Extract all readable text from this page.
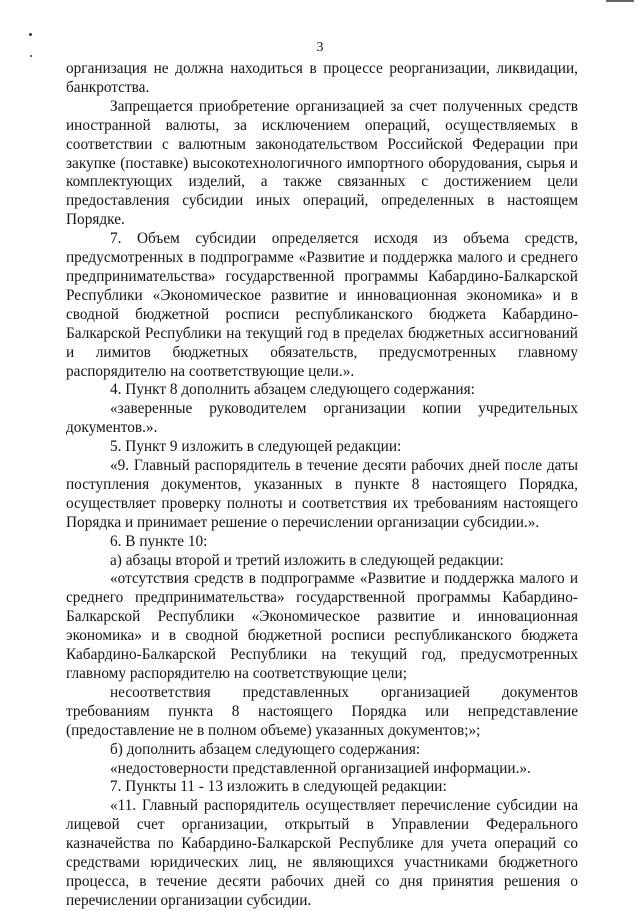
3

организация не должна находиться в процессе реорганизации, ликвидации, банкротства.

Запрещается приобретение организацией за счет полученных средств иностранной валюты, за исключением операций, осуществляемых в соответствии с валютным законодательством Российской Федерации при закупке (поставке) высокотехнологичного импортного оборудования, сырья и комплектующих изделий, а также связанных с достижением цели предоставления субсидии иных операций, определенных в настоящем Порядке.

7. Объем субсидии определяется исходя из объема средств, предусмотренных в подпрограмме «Развитие и поддержка малого и среднего предпринимательства» государственной программы Кабардино-Балкарской Республики «Экономическое развитие и инновационная экономика» и в сводной бюджетной росписи республиканского бюджета Кабардино-Балкарской Республики на текущий год в пределах бюджетных ассигнований и лимитов бюджетных обязательств, предусмотренных главному распорядителю на соответствующие цели.».

4. Пункт 8 дополнить абзацем следующего содержания:

«заверенные руководителем организации копии учредительных документов.».

5. Пункт 9 изложить в следующей редакции:

«9. Главный распорядитель в течение десяти рабочих дней после даты поступления документов, указанных в пункте 8 настоящего Порядка, осуществляет проверку полноты и соответствия их требованиям настоящего Порядка и принимает решение о перечислении организации субсидии.».

6. В пункте 10:

а) абзацы второй и третий изложить в следующей редакции:

«отсутствия средств в подпрограмме «Развитие и поддержка малого и среднего предпринимательства» государственной программы Кабардино-Балкарской Республики «Экономическое развитие и инновационная экономика» и в сводной бюджетной росписи республиканского бюджета Кабардино-Балкарской Республики на текущий год, предусмотренных главному распорядителю на соответствующие цели;

несоответствия представленных организацией документов требованиям пункта 8 настоящего Порядка или непредставление (предоставление не в полном объеме) указанных документов;»;

б) дополнить абзацем следующего содержания:

«недостоверности представленной организацией информации.».

7. Пункты 11 - 13 изложить в следующей редакции:

«11. Главный распорядитель осуществляет перечисление субсидии на лицевой счет организации, открытый в Управлении Федерального казначейства по Кабардино-Балкарской Республике для учета операций со средствами юридических лиц, не являющихся участниками бюджетного процесса, в течение десяти рабочих дней со дня принятия решения о перечислении организации субсидии.
